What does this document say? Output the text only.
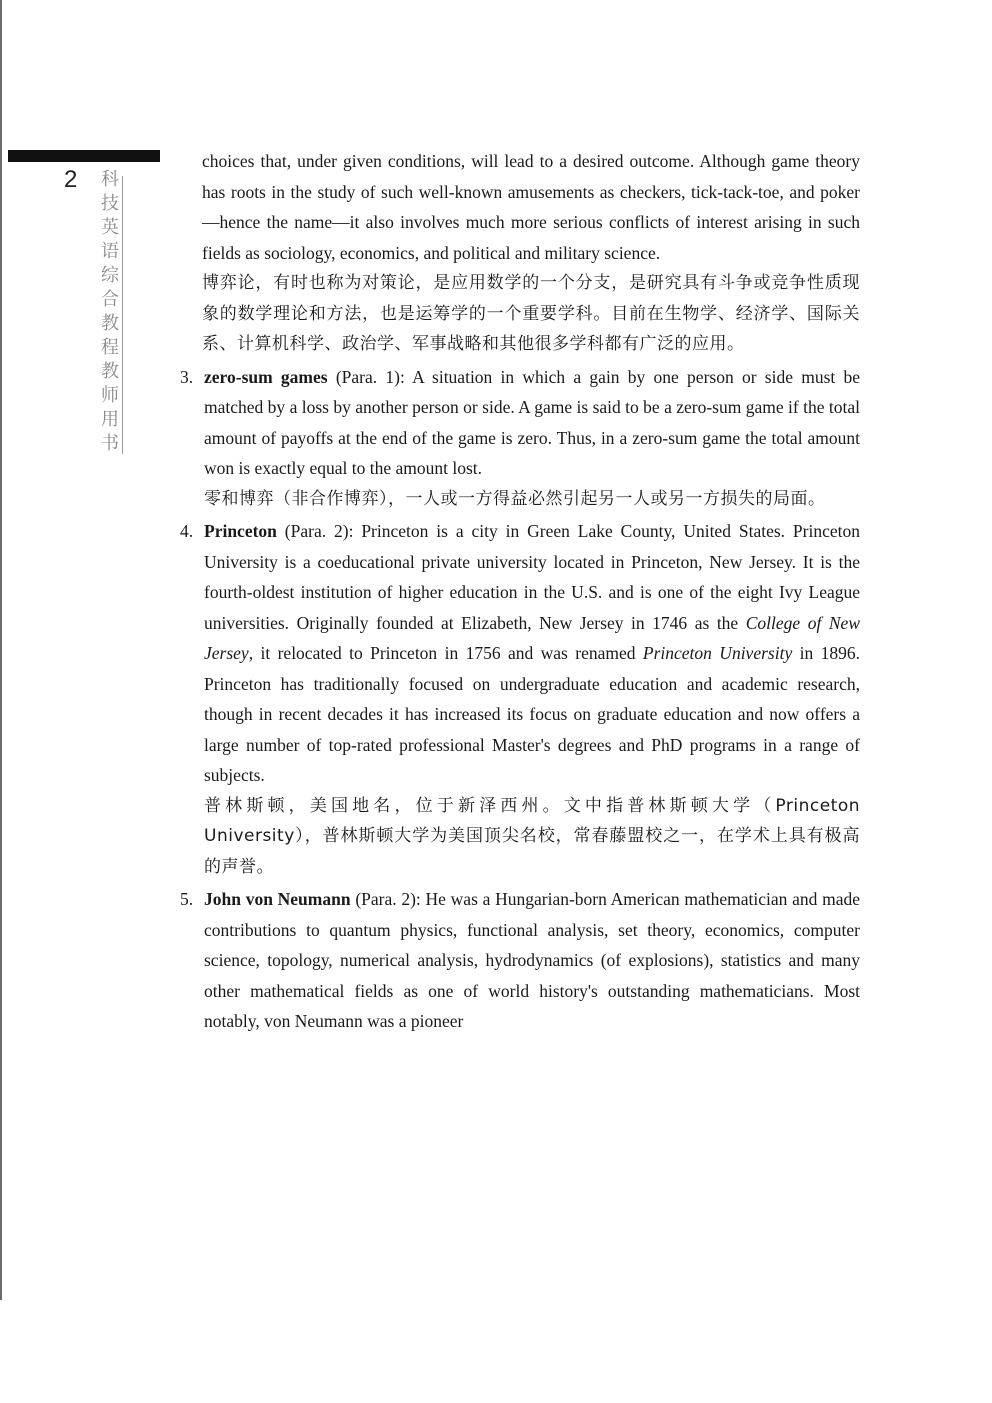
2 科
技
英
语
综
合
教
程
教
师
用
书

choices that, under given conditions, will lead to a desired outcome. Although game theory has roots in the study of such well-known amusements as checkers, tick-tack-toe, and poker—hence the name—it also involves much more serious conflicts of interest arising in such fields as sociology, economics, and political and military science.

博弈论，有时也称为对策论，是应用数学的一个分支，是研究具有斗争或竞争性质现象的数学理论和方法，也是运筹学的一个重要学科。目前在生物学、经济学、国际关系、计算机科学、政治学、军事战略和其他很多学科都有广泛的应用。

3. zero-sum games (Para. 1): A situation in which a gain by one person or side must be matched by a loss by another person or side. A game is said to be a zero-sum game if the total amount of payoffs at the end of the game is zero. Thus, in a zero-sum game the total amount won is exactly equal to the amount lost.

零和博弈（非合作博弈），一人或一方得益必然引起另一人或另一方损失的局面。

4. Princeton (Para. 2): Princeton is a city in Green Lake County, United States. Princeton University is a coeducational private university located in Princeton, New Jersey. It is the fourth-oldest institution of higher education in the U.S. and is one of the eight Ivy League universities. Originally founded at Elizabeth, New Jersey in 1746 as the College of New Jersey, it relocated to Princeton in 1756 and was renamed Princeton University in 1896. Princeton has traditionally focused on undergraduate education and academic research, though in recent decades it has increased its focus on graduate education and now offers a large number of top-rated professional Master's degrees and PhD programs in a range of subjects.

普林斯顿，美国地名，位于新泽西州。文中指普林斯顿大学（Princeton University），普林斯顿大学为美国顶尖名校，常春藤盟校之一，在学术上具有极高的声誉。

5. John von Neumann (Para. 2): He was a Hungarian-born American mathematician and made contributions to quantum physics, functional analysis, set theory, economics, computer science, topology, numerical analysis, hydrodynamics (of explosions), statistics and many other mathematical fields as one of world history's outstanding mathematicians. Most notably, von Neumann was a pioneer
